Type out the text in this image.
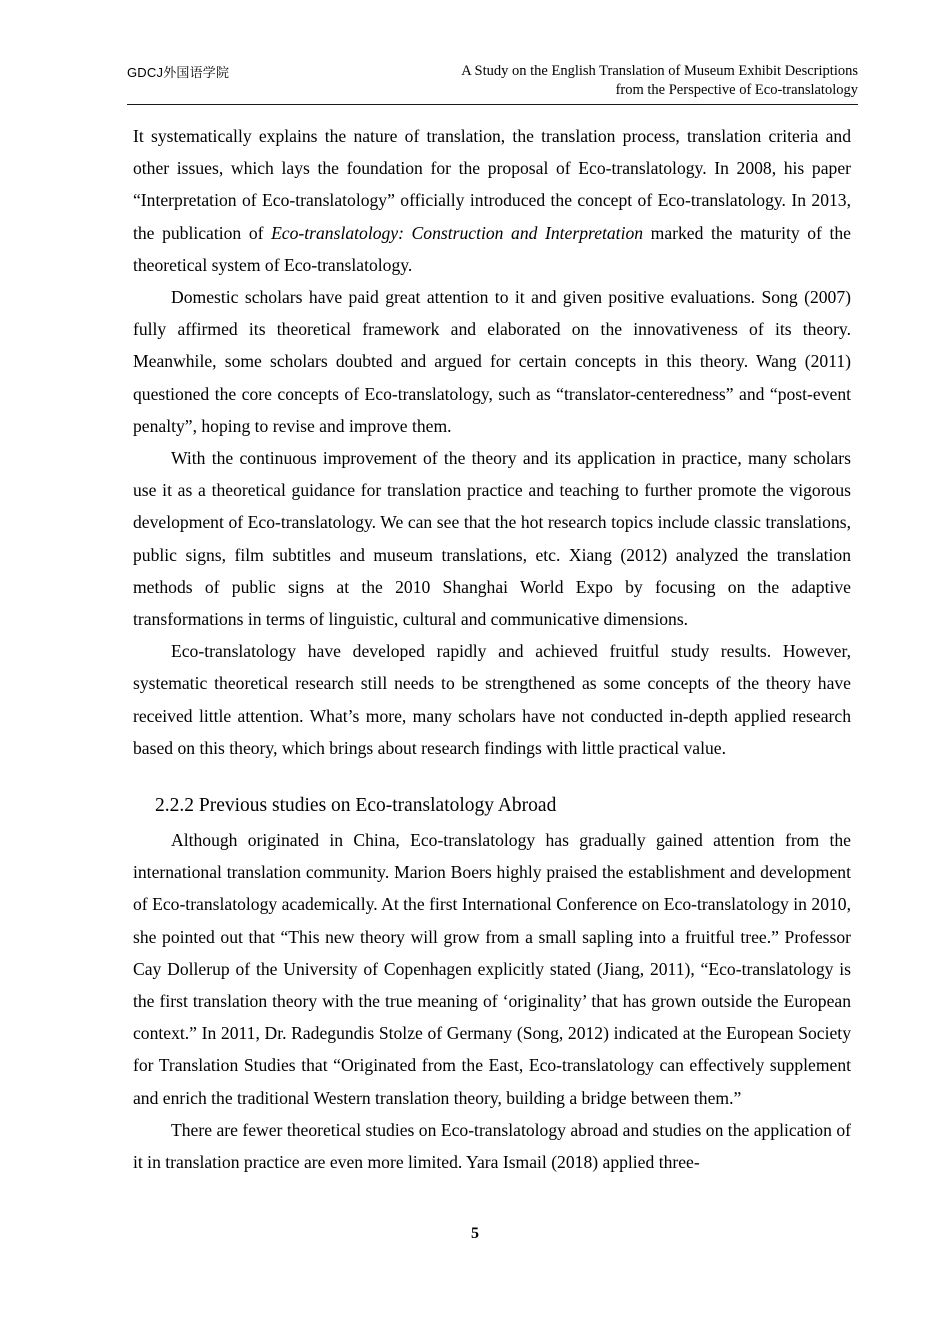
GDCJ外国语学院	A Study on the English Translation of Museum Exhibit Descriptions
from the Perspective of Eco-translatology

It systematically explains the nature of translation, the translation process, translation criteria and other issues, which lays the foundation for the proposal of Eco-translatology. In 2008, his paper “Interpretation of Eco-translatology” officially introduced the concept of Eco-translatology. In 2013, the publication of Eco-translatology: Construction and Interpretation marked the maturity of the theoretical system of Eco-translatology.

Domestic scholars have paid great attention to it and given positive evaluations. Song (2007) fully affirmed its theoretical framework and elaborated on the innovativeness of its theory. Meanwhile, some scholars doubted and argued for certain concepts in this theory. Wang (2011) questioned the core concepts of Eco-translatology, such as “translator-centeredness” and “post-event penalty”, hoping to revise and improve them.

With the continuous improvement of the theory and its application in practice, many scholars use it as a theoretical guidance for translation practice and teaching to further promote the vigorous development of Eco-translatology. We can see that the hot research topics include classic translations, public signs, film subtitles and museum translations, etc. Xiang (2012) analyzed the translation methods of public signs at the 2010 Shanghai World Expo by focusing on the adaptive transformations in terms of linguistic, cultural and communicative dimensions.

Eco-translatology have developed rapidly and achieved fruitful study results. However, systematic theoretical research still needs to be strengthened as some concepts of the theory have received little attention. What’s more, many scholars have not conducted in-depth applied research based on this theory, which brings about research findings with little practical value.

2.2.2 Previous studies on Eco-translatology Abroad

Although originated in China, Eco-translatology has gradually gained attention from the international translation community. Marion Boers highly praised the establishment and development of Eco-translatology academically. At the first International Conference on Eco-translatology in 2010, she pointed out that “This new theory will grow from a small sapling into a fruitful tree.” Professor Cay Dollerup of the University of Copenhagen explicitly stated (Jiang, 2011), “Eco-translatology is the first translation theory with the true meaning of ‘originality’ that has grown outside the European context.” In 2011, Dr. Radegundis Stolze of Germany (Song, 2012) indicated at the European Society for Translation Studies that “Originated from the East, Eco-translatology can effectively supplement and enrich the traditional Western translation theory, building a bridge between them.”

There are fewer theoretical studies on Eco-translatology abroad and studies on the application of it in translation practice are even more limited. Yara Ismail (2018) applied three-

5
